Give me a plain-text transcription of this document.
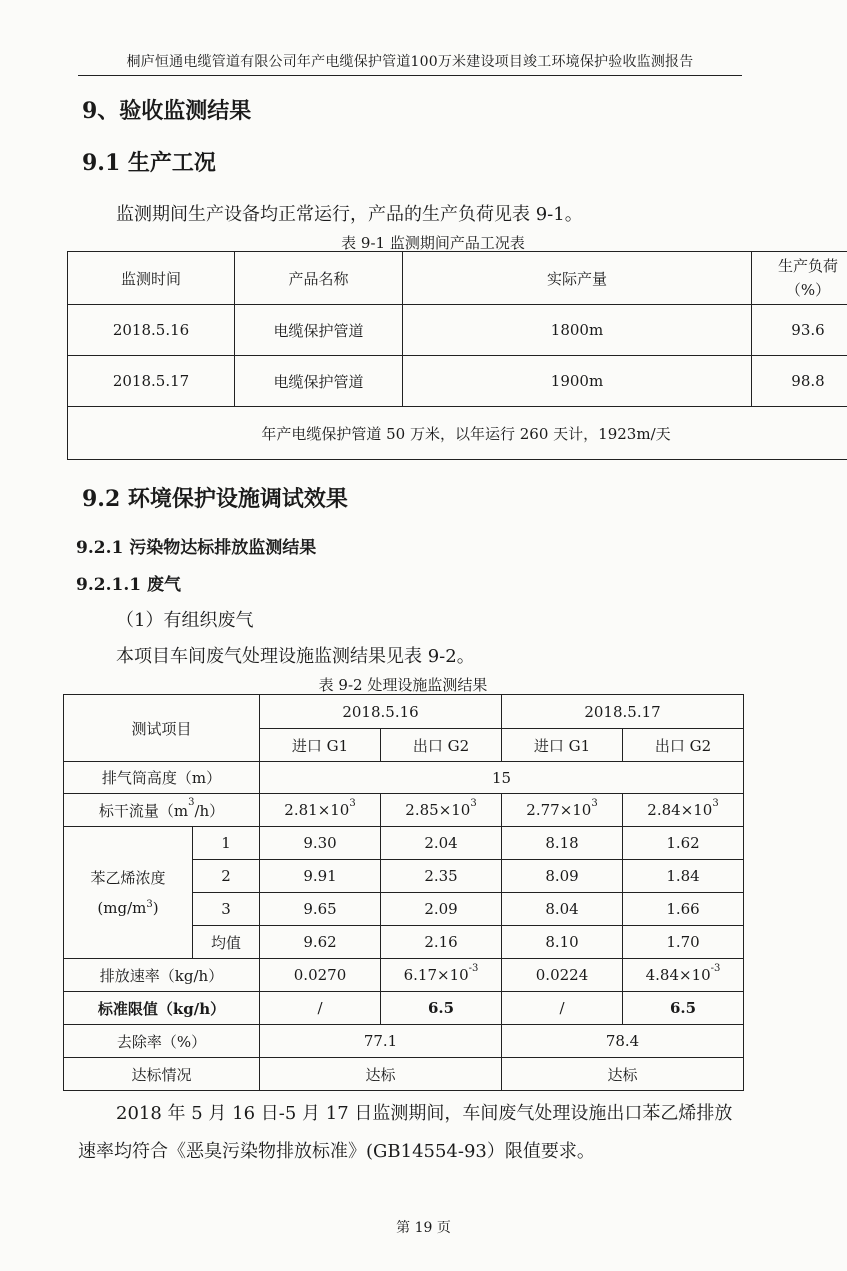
桐庐恒通电缆管道有限公司年产电缆保护管道100万米建设项目竣工环境保护验收监测报告
9、验收监测结果
9.1 生产工况
监测期间生产设备均正常运行，产品的生产负荷见表 9-1。
表 9-1 监测期间产品工况表
监测时间	产品名称	实际产量	生产负荷
（%）

2018.5.16	电缆保护管道	1800m	93.6
2018.5.17	电缆保护管道	1900m	98.8
年产电缆保护管道 50 万米，以年运行 260 天计，1923m/天			
9.2 环境保护设施调试效果
9.2.1 污染物达标排放监测结果
9.2.1.1 废气
（1）有组织废气
本项目车间废气处理设施监测结果见表 9-2。
表 9-2 处理设施监测结果
测试项目		2018.5.16		2018.5.17	
		进口 G1	出口 G2	进口 G1	出口 G2
排气筒高度（m）		15			
标干流量$(m^3/h)$		$2.81\times 10^3$	$2.85\times 10^3$	$2.77\times 10^3$	$2.84\times 10^3$

苯乙烯浓度
$(mg/m^3)$	1	9.30	2.04	8.18	1.62
	2	9.91	2.35	8.09	1.84
	3	9.65	2.09	8.04	1.66
	均值	9.62	2.16	8.10	1.70
排放速率（kg/h）		0.0270	$6.17\times 10^{-3}$	0.0224	$4.84\times 10^{-3}$
标准限值（kg/h）		/	6.5	/	6.5
去除率（%）		77.1		78.4	
达标情况		达标		达标	
2018 年 5 月 16 日-5 月 17 日监测期间，车间废气处理设施出口苯乙烯排放
速率均符合《恶臭污染物排放标准》(GB14554-93）限值要求。
第 19 页
